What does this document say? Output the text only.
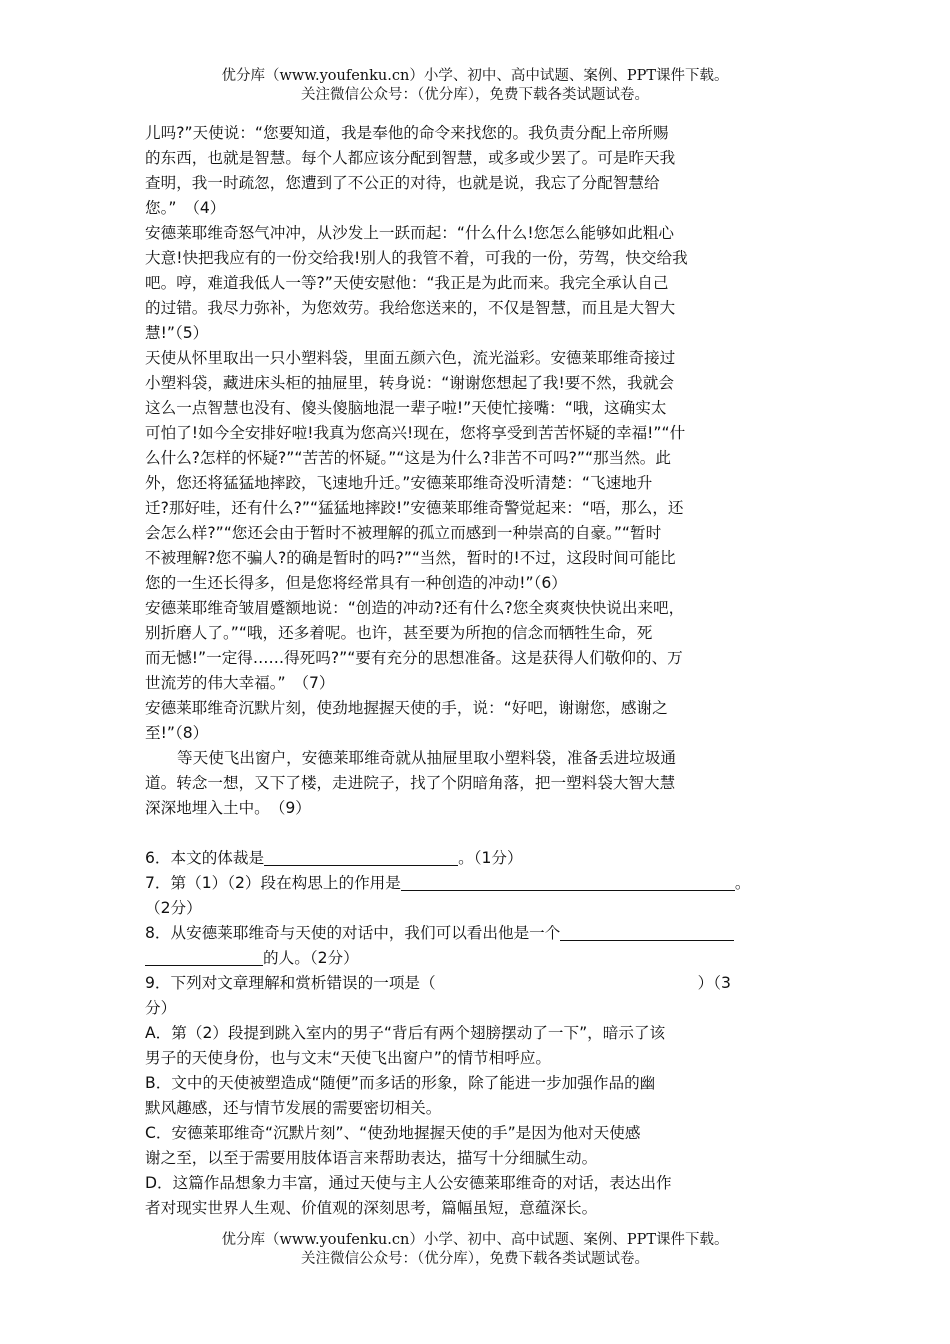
优分库（www.youfenku.cn）小学、初中、高中试题、案例、PPT课件下载。
关注微信公众号：（优分库），免费下载各类试题试卷。
儿吗?”天使说：“您要知道，我是奉他的命令来找您的。我负责分配上帝所赐
的东西，也就是智慧。每个人都应该分配到智慧，或多或少罢了。可是昨天我
查明，我一时疏忽，您遭到了不公正的对待，也就是说，我忘了分配智慧给
您。”　（4）
安德莱耶维奇怒气冲冲，从沙发上一跃而起：“什么什么!您怎么能够如此粗心
大意!快把我应有的一份交给我!别人的我管不着，可我的一份，劳驾，快交给我
吧。哼，难道我低人一等?”天使安慰他：“我正是为此而来。我完全承认自己
的过错。我尽力弥补，为您效劳。我给您送来的，不仅是智慧，而且是大智大
慧!”（5）
天使从怀里取出一只小塑料袋，里面五颜六色，流光溢彩。安德莱耶维奇接过
小塑料袋，藏进床头柜的抽屉里，转身说：“谢谢您想起了我!要不然，我就会
这么一点智慧也没有、傻头傻脑地混一辈子啦!”天使忙接嘴：“哦，这确实太
可怕了!如今全安排好啦!我真为您高兴!现在，您将享受到苦苦怀疑的幸福!”“什
么什么?怎样的怀疑?”“苦苦的怀疑。”“这是为什么?非苦不可吗?”“那当然。此
外，您还将猛猛地摔跤，飞速地升迁。”安德莱耶维奇没听清楚：“飞速地升
迁?那好哇，还有什么?”“猛猛地摔跤!”安德莱耶维奇警觉起来：“唔，那么，还
会怎么样?”“您还会由于暂时不被理解的孤立而感到一种崇高的自豪。”“暂时
不被理解?您不骗人?的确是暂时的吗?”“当然，暂时的!不过，这段时间可能比
您的一生还长得多，但是您将经常具有一种创造的冲动!”（6）
安德莱耶维奇皱眉蹙额地说：“创造的冲动?还有什么?您全爽爽快快说出来吧，
别折磨人了。”“哦，还多着呢。也许，甚至要为所抱的信念而牺牲生命，死
而无憾!”一定得……得死吗?”“要有充分的思想准备。这是获得人们敬仰的、万
世流芳的伟大幸福。”　（7）
安德莱耶维奇沉默片刻，使劲地握握天使的手，说：“好吧，谢谢您，感谢之
至!”（8）
等天使飞出窗户，安德莱耶维奇就从抽屉里取小塑料袋，准备丢进垃圾通
道。转念一想，又下了楼，走进院子，找了个阴暗角落，把一塑料袋大智大慧
深深地埋入土中。　（9）
6．本文的体裁是	。（1分）
7．第（1）（2）段在构思上的作用是	。
（2分）
8．从安德莱耶维奇与天使的对话中，我们可以看出他是一个
的人。（2分）
9．下列对文章理解和赏析错误的一项是（	）（3
分）
A．第（2）段提到跳入室内的男子“背后有两个翅膀摆动了一下”，暗示了该
男子的天使身份，也与文末“天使飞出窗户”的情节相呼应。
B．文中的天使被塑造成“随便”而多话的形象，除了能进一步加强作品的幽
默风趣感，还与情节发展的需要密切相关。
C．安德莱耶维奇“沉默片刻”、“使劲地握握天使的手”是因为他对天使感
谢之至，以至于需要用肢体语言来帮助表达，描写十分细腻生动。
D．这篇作品想象力丰富，通过天使与主人公安德莱耶维奇的对话，表达出作
者对现实世界人生观、价值观的深刻思考，篇幅虽短，意蕴深长。
优分库（www.youfenku.cn）小学、初中、高中试题、案例、PPT课件下载。
关注微信公众号：（优分库），免费下载各类试题试卷。
